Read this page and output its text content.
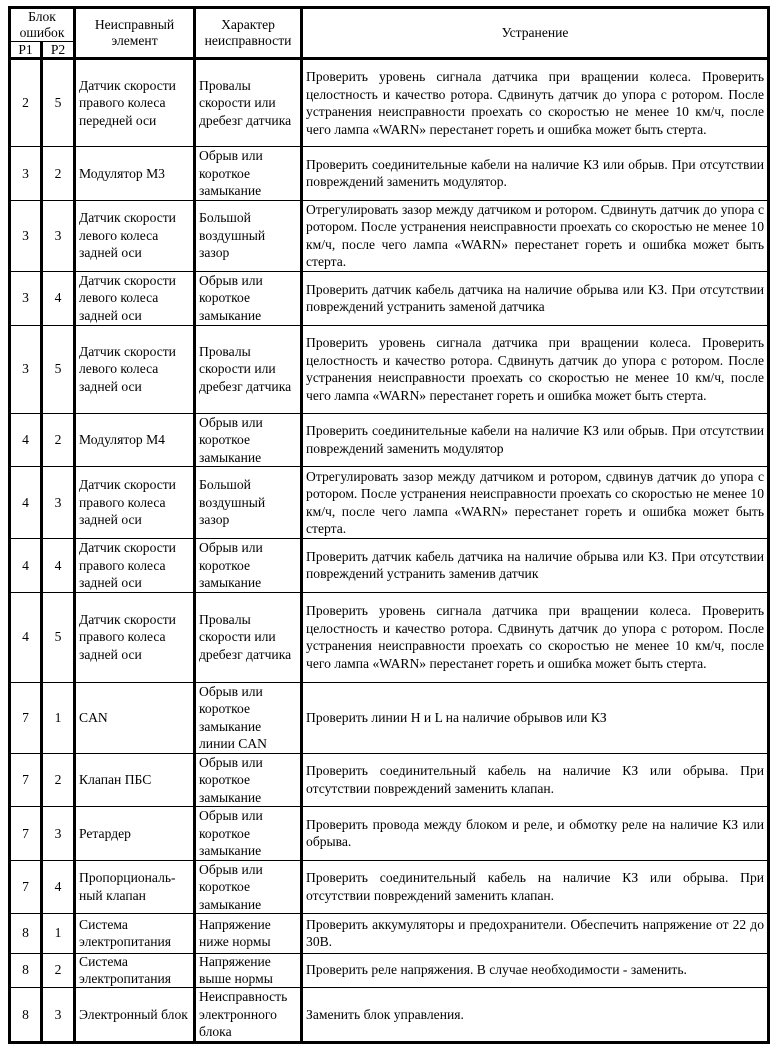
Блок ошибок		Неисправный элемент	Характер неисправности	Устранение
P1	P2			
2	5	Датчик скорости правого колеса передней оси	Провалы скорости или дребезг датчика	Проверить уровень сигнала датчика при вращении колеса. Проверить целостность и качество ротора. Сдвинуть датчик до упора с ротором. После устранения неисправности проехать со скоростью не менее 10 км/ч, после чего лампа «WARN» перестанет гореть и ошибка может быть стерта.
3	2	Модулятор М3	Обрыв или короткое замыкание	Проверить соединительные кабели на наличие КЗ или обрыв. При отсутствии повреждений заменить модулятор.
3	3	Датчик скорости левого колеса задней оси	Большой воздушный зазор	Отрегулировать зазор между датчиком и ротором. Сдвинуть датчик до упора с ротором. После устранения неисправности проехать со скоростью не менее 10 км/ч, после чего лампа «WARN» перестанет гореть и ошибка может быть стерта.
3	4	Датчик скорости левого колеса задней оси	Обрыв или короткое замыкание	Проверить датчик кабель датчика на наличие обрыва или КЗ. При отсутствии повреждений устранить заменой датчика
3	5	Датчик скорости левого колеса задней оси	Провалы скорости или дребезг датчика	Проверить уровень сигнала датчика при вращении колеса. Проверить целостность и качество ротора. Сдвинуть датчик до упора с ротором. После устранения неисправности проехать со скоростью не менее 10 км/ч, после чего лампа «WARN» перестанет гореть и ошибка может быть стерта.
4	2	Модулятор М4	Обрыв или короткое замыкание	Проверить соединительные кабели на наличие КЗ или обрыв. При отсутствии повреждений заменить модулятор
4	3	Датчик скорости правого колеса задней оси	Большой воздушный зазор	Отрегулировать зазор между датчиком и ротором, сдвинув датчик до упора с ротором. После устранения неисправности проехать со скоростью не менее 10 км/ч, после чего лампа «WARN» перестанет гореть и ошибка может быть стерта.
4	4	Датчик скорости правого колеса задней оси	Обрыв или короткое замыкание	Проверить датчик кабель датчика на наличие обрыва или КЗ. При отсутствии повреждений устранить заменив датчик
4	5	Датчик скорости правого колеса задней оси	Провалы скорости или дребезг датчика	Проверить уровень сигнала датчика при вращении колеса. Проверить целостность и качество ротора. Сдвинуть датчик до упора с ротором. После устранения неисправности проехать со скоростью не менее 10 км/ч, после чего лампа «WARN» перестанет гореть и ошибка может быть стерта.
7	1	CAN	Обрыв или короткое замыкание линии CAN	Проверить линии H и L на наличие обрывов или КЗ
7	2	Клапан ПБС	Обрыв или короткое замыкание	Проверить соединительный кабель на наличие КЗ или обрыва. При отсутствии повреждений заменить клапан.
7	3	Ретардер	Обрыв или короткое замыкание	Проверить провода между блоком и реле, и обмотку реле на наличие КЗ или обрыва.
7	4	Пропорциональ-ный клапан	Обрыв или короткое замыкание	Проверить соединительный кабель на наличие КЗ или обрыва. При отсутствии повреждений заменить клапан.
8	1	Система электропитания	Напряжение ниже нормы	Проверить аккумуляторы и предохранители. Обеспечить напряжение от 22 до 30В.
8	2	Система электропитания	Напряжение выше нормы	Проверить реле напряжения. В случае необходимости - заменить.
8	3	Электронный блок	Неисправность электронного блока	Заменить блок управления.
